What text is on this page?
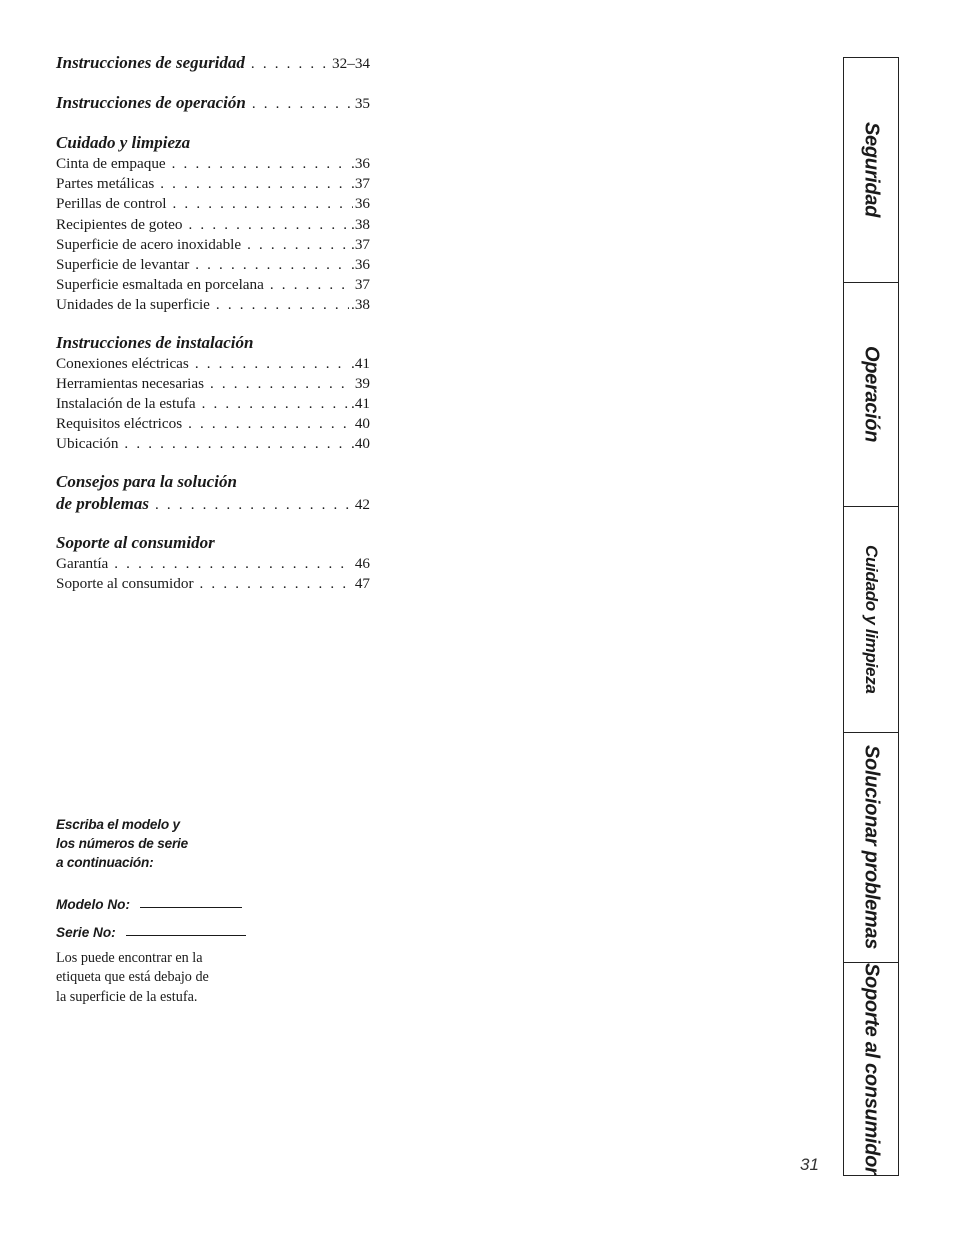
Instrucciones de seguridad . . .	32–34
Instrucciones de operación . . .	35
Cuidado y limpieza
Cinta de empaque . . .	.36
Partes metálicas . . .	.37
Perillas de control . . .	36
Recipientes de goteo . . .	.38
Superficie de acero inoxidable . . .	.37
Superficie de levantar . . .	.36
Superficie esmaltada en porcelana . . .	37
Unidades de la superficie . . .	.38
Instrucciones de instalación
Conexiones eléctricas . . .	.41
Herramientas necesarias . . .	39
Instalación de la estufa . . .	.41
Requisitos eléctricos . . .	40
Ubicación . . .	.40
Consejos para la solución
de problemas . . .	42
Soporte al consumidor
Garantía . . .	46
Soporte al consumidor . . .	47
Escriba el modelo y
los números de serie
a continuación:
Modelo No:
Serie No:
Los puede encontrar en la
etiqueta que está debajo de
la superficie de la estufa.
31
Seguridad
Operación
Cuidado y limpieza
Solucionar problemas
Soporte al consumidor
